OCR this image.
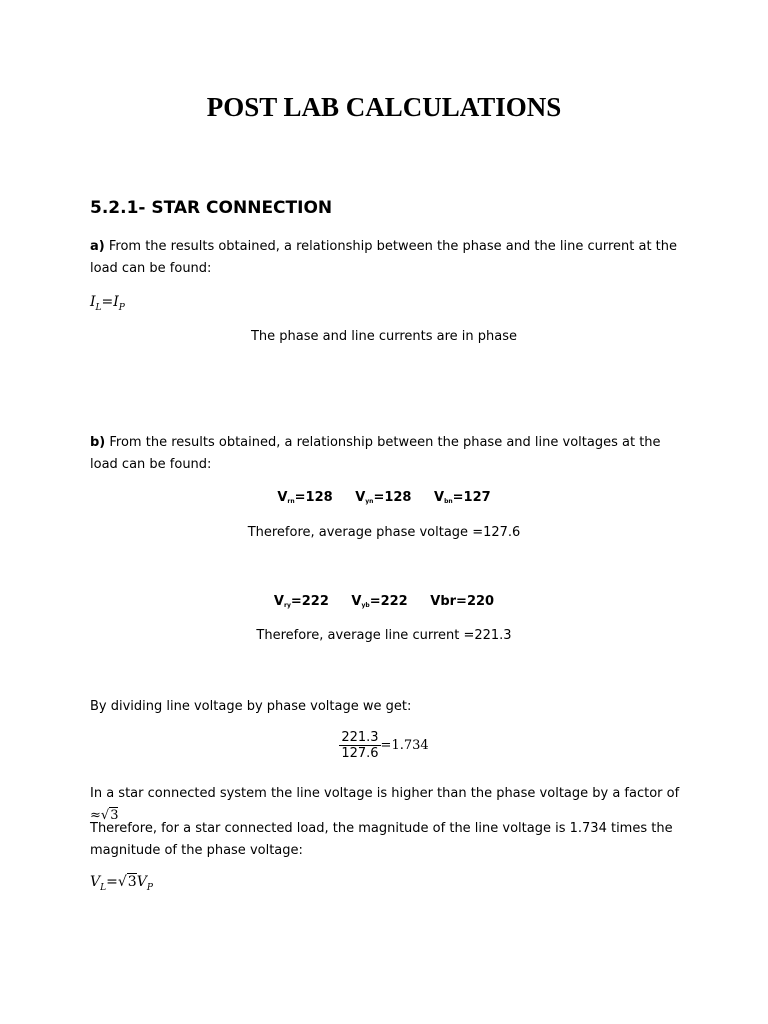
POST LAB CALCULATIONS
5.2.1- STAR CONNECTION
a) From the results obtained, a relationship between the phase and the line current at the load can be found:
$I_L=I_P$
The phase and line currents are in phase
b) From the results obtained, a relationship between the phase and line voltages at the load can be found:
$V_{rn}=128$ $V_{yn}=128$ $V_{bn}=127$
Therefore, average phase voltage =127.6
$V_{ry}=222$ $V_{yb}=222$ Vbr=220
Therefore, average line current =221.3
By dividing line voltage by phase voltage we get:
$\frac{221.3}{127.6} =1.734$
In a star connected system the line voltage is higher than the phase voltage by a factor of ≈√3
Therefore, for a star connected load, the magnitude of the line voltage is 1.734 times the magnitude of the phase voltage:
$V_L=√3V_P$
